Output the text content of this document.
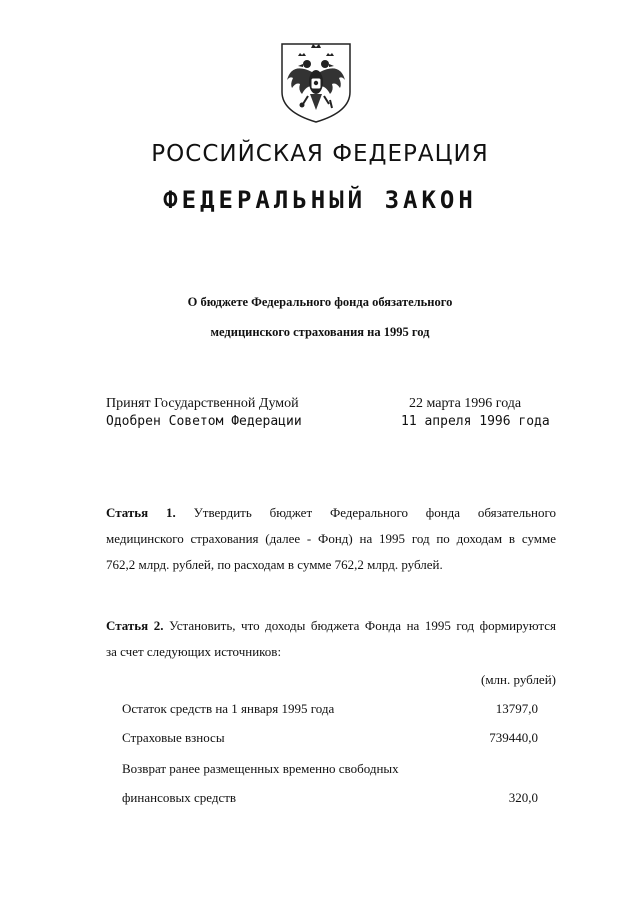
РОССИЙСКАЯ ФЕДЕРАЦИЯ
ФЕДЕРАЛЬНЫЙ ЗАКОН
О бюджете Федерального фонда обязательного
медицинского страхования на 1995 год
Принят Государственной Думой	22 марта 1996 года
Одобрен Советом Федерации	11 апреля 1996 года
Статья 1. Утвердить бюджет Федерального фонда обязательного
медицинского страхования (далее - Фонд) на 1995 год по доходам в сумме
762,2 млрд. рублей, по расходам в сумме 762,2 млрд. рублей.
Статья 2. Установить, что доходы бюджета Фонда на 1995 год формируются
за счет следующих источников:
(млн. рублей)
Остаток средств на 1 января 1995 года	13797,0
Страховые взносы	739440,0
Возврат ранее размещенных временно свободных
финансовых средств	320,0
